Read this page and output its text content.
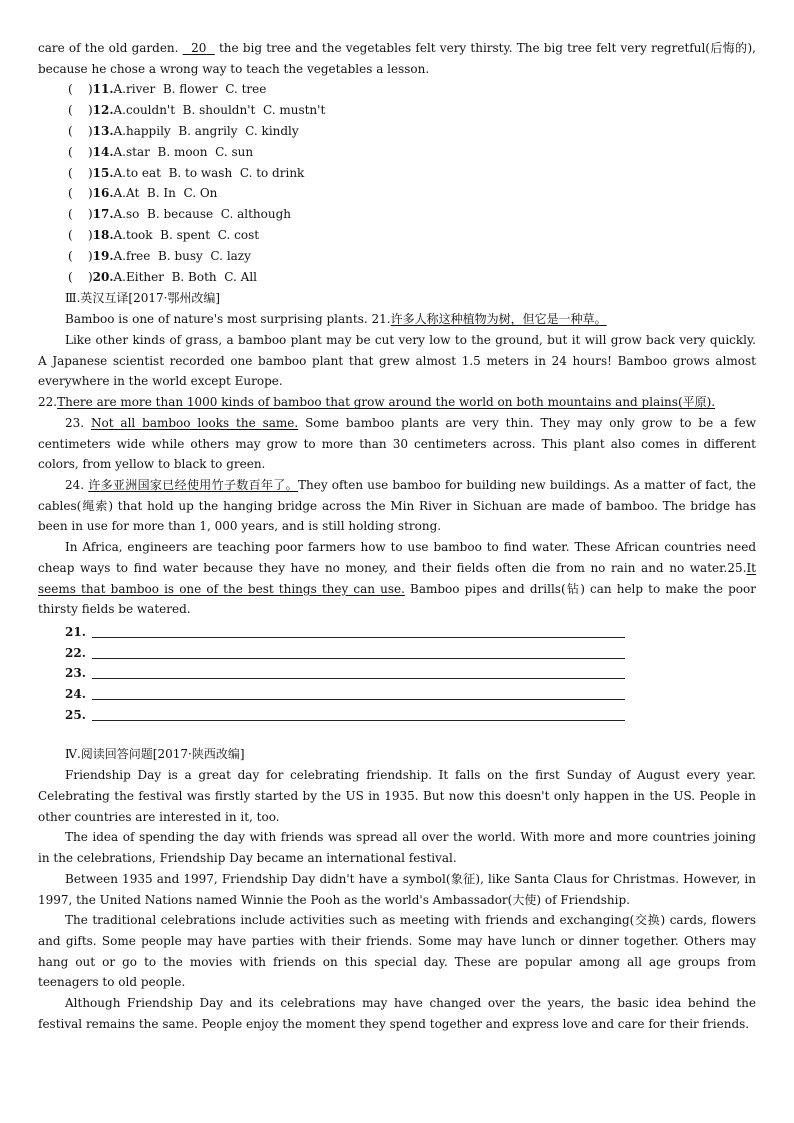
care of the old garden.   20   the big tree and the vegetables felt very thirsty. The big tree felt very regretful(后悔的), because he chose a wrong way to teach the vegetables a lesson.

(    )11.A.river  B. flower  C. tree
(    )12.A.couldn't  B. shouldn't  C. mustn't
(    )13.A.happily  B. angrily  C. kindly
(    )14.A.star  B. moon  C. sun
(    )15.A.to eat  B. to wash  C. to drink
(    )16.A.At  B. In  C. On
(    )17.A.so  B. because  C. although
(    )18.A.took  B. spent  C. cost
(    )19.A.free  B. busy  C. lazy
(    )20.A.Either  B. Both  C. All
Ⅲ.英汉互译[2017·鄂州改编]

Bamboo is one of nature's most surprising plants. 21.许多人称这种植物为树，但它是一种草。

Like other kinds of grass, a bamboo plant may be cut very low to the ground, but it will grow back very quickly. A Japanese scientist recorded one bamboo plant that grew almost 1.5 meters in 24 hours! Bamboo grows almost everywhere in the world except Europe.

22.There are more than 1000 kinds of bamboo that grow around the world on both mountains and plains(平原).

23. Not all bamboo looks the same. Some bamboo plants are very thin. They may only grow to be a few centimeters wide while others may grow to more than 30 centimeters across. This plant also comes in different colors, from yellow to black to green.

24. 许多亚洲国家已经使用竹子数百年了。They often use bamboo for building new buildings. As a matter of fact, the cables(绳索) that hold up the hanging bridge across the Min River in Sichuan are made of bamboo. The bridge has been in use for more than 1, 000 years, and is still holding strong.

In Africa, engineers are teaching poor farmers how to use bamboo to find water. These African countries need cheap ways to find water because they have no money, and their fields often die from no rain and no water.25.It seems that bamboo is one of the best things they can use. Bamboo pipes and drills(钻) can help to make the poor thirsty fields be watered.

21.
22.
23.
24.
25.
Ⅳ.阅读回答问题[2017·陕西改编]

Friendship Day is a great day for celebrating friendship. It falls on the first Sunday of August every year. Celebrating the festival was firstly started by the US in 1935. But now this doesn't only happen in the US. People in other countries are interested in it, too.

The idea of spending the day with friends was spread all over the world. With more and more countries joining in the celebrations, Friendship Day became an international festival.

Between 1935 and 1997, Friendship Day didn't have a symbol(象征), like Santa Claus for Christmas. However, in 1997, the United Nations named Winnie the Pooh as the world's Ambassador(大使) of Friendship.

The traditional celebrations include activities such as meeting with friends and exchanging(交换) cards, flowers and gifts. Some people may have parties with their friends. Some may have lunch or dinner together. Others may hang out or go to the movies with friends on this special day. These are popular among all age groups from teenagers to old people.

Although Friendship Day and its celebrations may have changed over the years, the basic idea behind the festival remains the same. People enjoy the moment they spend together and express love and care for their friends.
